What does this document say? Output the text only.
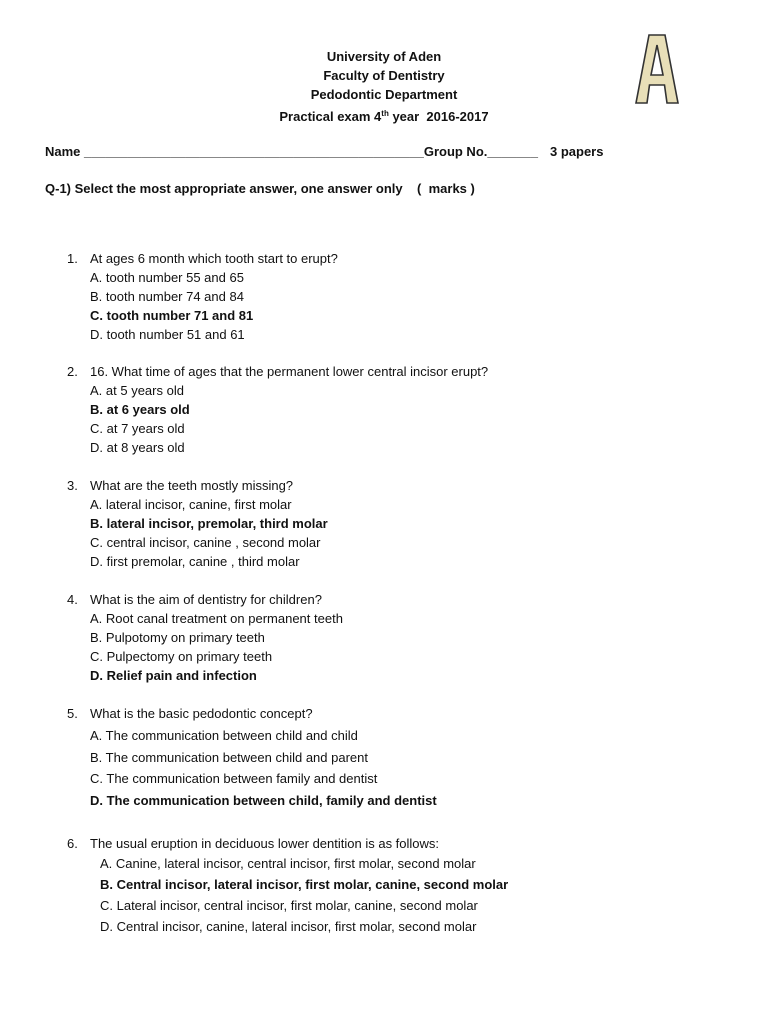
University of Aden
Faculty of Dentistry
Pedodontic Department
Practical exam 4th year  2016-2017
Name _______________________________________________Group No._______ 3 papers
Q-1) Select the most appropriate answer, one answer only    (  marks )
1. At ages 6 month which tooth start to erupt?
A. tooth number 55 and 65
B. tooth number 74 and 84
C. tooth number 71 and 81
D. tooth number 51 and 61
2. 16. What time of ages that the permanent lower central incisor erupt?
A. at 5 years old
B. at 6 years old
C. at 7 years old
D. at 8 years old
3. What are the teeth mostly missing?
A. lateral incisor, canine, first molar
B. lateral incisor, premolar, third molar
C. central incisor, canine , second molar
D. first premolar, canine , third molar
4. What is the aim of dentistry for children?
A. Root canal treatment on permanent teeth
B. Pulpotomy on primary teeth
C. Pulpectomy on primary teeth
D. Relief pain and infection
5. What is the basic pedodontic concept?
A. The communication between child and child
B. The communication between child and parent
C. The communication between family and dentist
D. The communication between child, family and dentist
6. The usual eruption in deciduous lower dentition is as follows:
A. Canine, lateral incisor, central incisor, first molar, second molar
B. Central incisor, lateral incisor, first molar, canine, second molar
C. Lateral incisor, central incisor, first molar, canine, second molar
D. Central incisor, canine, lateral incisor, first molar, second molar
